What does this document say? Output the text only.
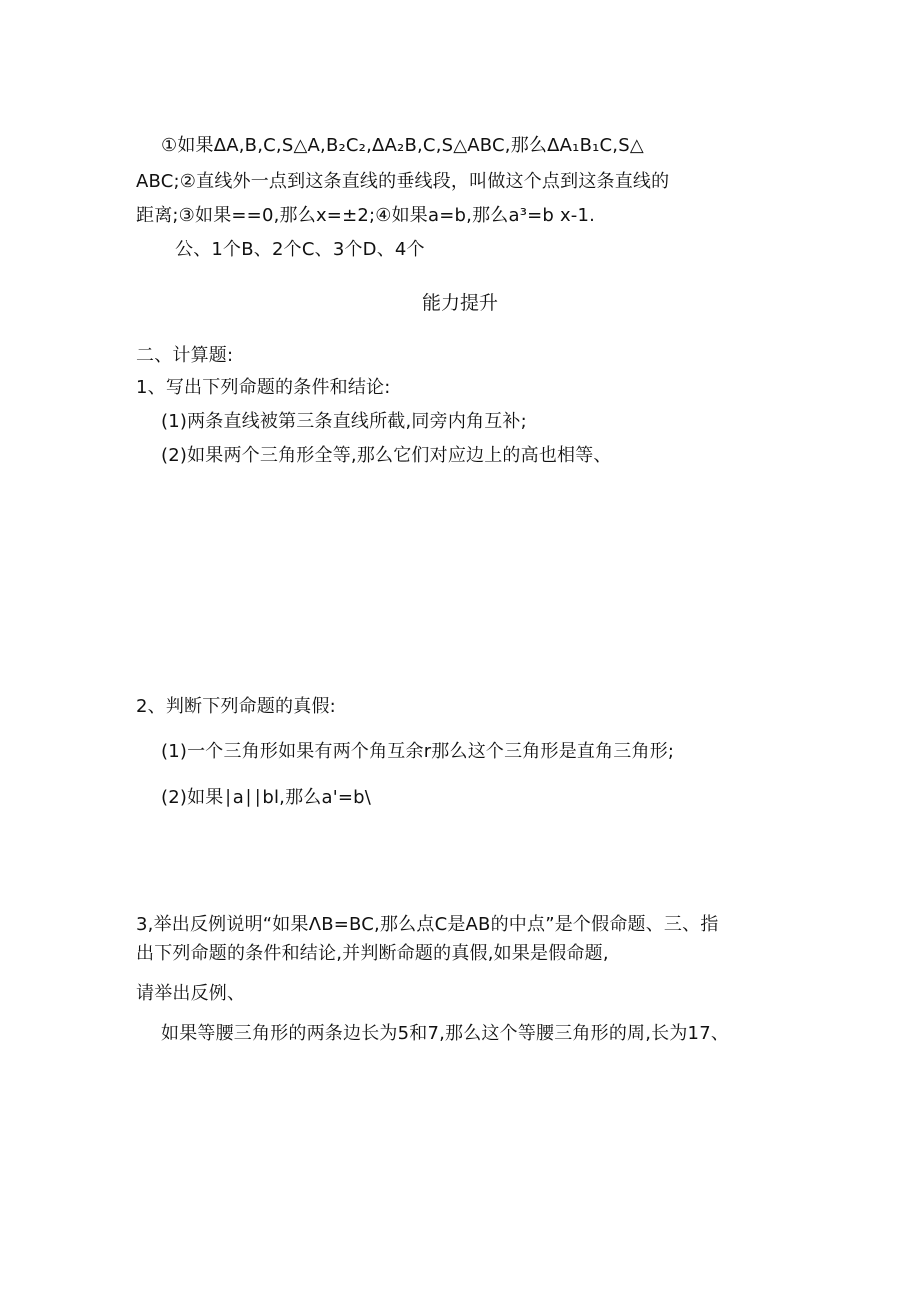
①如果ΔA,B,C,S△A,B₂C₂,ΔA₂B,C,S△ABC,那么ΔA₁B₁C,S△
ABC;②直线外一点到这条直线的垂线段，叫做这个点到这条直线的
距离;③如果==0,那么x=±2;④如果a=b,那么a³=b x-1.
公、1个B、2个C、3个D、4个
能力提升
二、计算题:
1、写出下列命题的条件和结论:
(1)两条直线被第三条直线所截,同旁内角互补;
(2)如果两个三角形全等,那么它们对应边上的高也相等、
2、判断下列命题的真假:
(1)一个三角形如果有两个角互余r那么这个三角形是直角三角形;
(2)如果∣a∣∣bl,那么a'=b\
3,举出反例说明“如果ΛB=BC,那么点C是AB的中点”是个假命题、三、指
出下列命题的条件和结论,并判断命题的真假,如果是假命题,
请举出反例、
如果等腰三角形的两条边长为5和7,那么这个等腰三角形的周,长为17、
